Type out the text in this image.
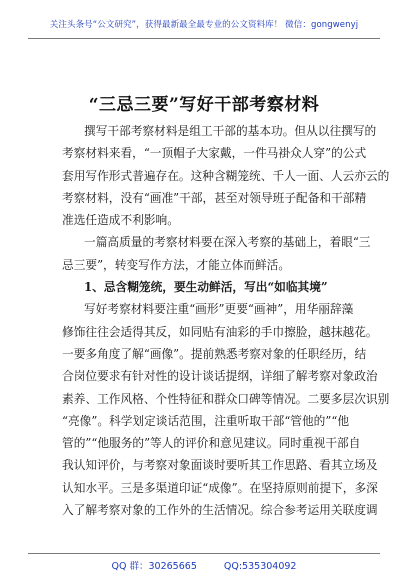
关注头条号“公文研究”，获得最新最全最专业的公文资料库！ 微信：gongwenyj
“三忌三要”写好干部考察材料
撰写干部考察材料是组工干部的基本功。但从以往撰写的
考察材料来看，“一顶帽子大家戴，一件马褂众人穿”的公式
套用写作形式普遍存在。这种含糊笼统、千人一面、人云亦云的
考察材料，没有“画准”干部，甚至对领导班子配备和干部精
准选任造成不利影响。
一篇高质量的考察材料要在深入考察的基础上，着眼“三
忌三要”，转变写作方法，才能立体而鲜活。
1、忌含糊笼统，要生动鲜活，写出“如临其境”
写好考察材料要注重“画形”更要“画神”，用华丽辞藻
修饰往往会适得其反，如同贴有油彩的手巾擦脸，越抹越花。
一要多角度了解“画像”。提前熟悉考察对象的任职经历，结
合岗位要求有针对性的设计谈话提纲，详细了解考察对象政治
素养、工作风格、个性特征和群众口碑等情况。二要多层次识别
“亮像”。科学划定谈话范围，注重听取干部“管他的”“他
管的”“他服务的”等人的评价和意见建议。同时重视干部自
我认知评价，与考察对象面谈时要听其工作思路、看其立场及
认知水平。三是多渠道印证“成像”。在坚持原则前提下，多深
入了解考察对象的工作外的生活情况。综合参考运用关联度调
QQ 群：30265665	QQ:535304092
